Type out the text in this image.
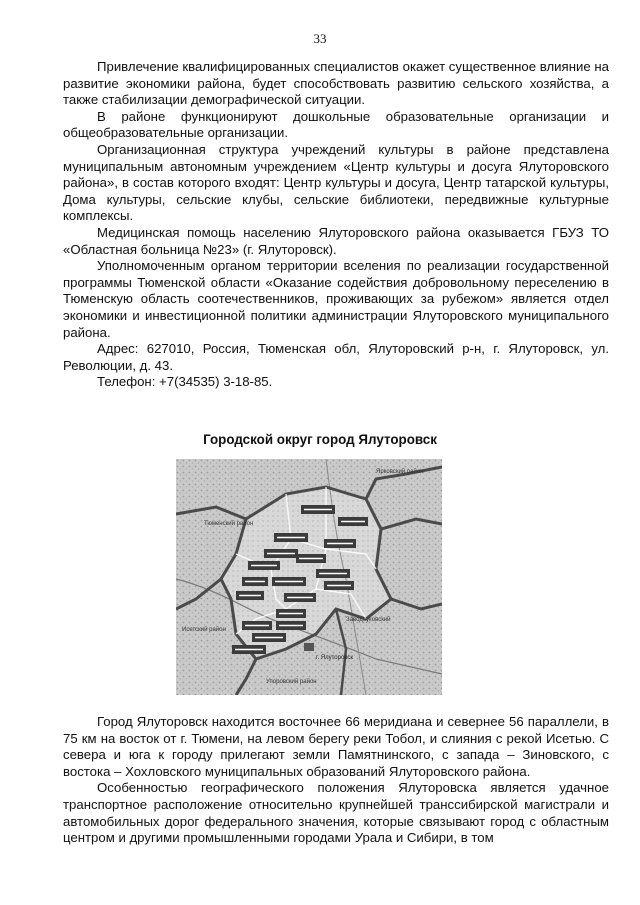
33

Привлечение квалифицированных специалистов окажет существенное влияние на развитие экономики района, будет способствовать развитию сельского хозяйства, а также стабилизации демографической ситуации.

В районе функционируют дошкольные образовательные организации и общеобразовательные организации.

Организационная структура учреждений культуры в районе представлена муниципальным автономным учреждением «Центр культуры и досуга Ялуторовского района», в состав которого входят: Центр культуры и досуга, Центр татарской культуры, Дома культуры, сельские клубы, сельские библиотеки, передвижные культурные комплексы.

Медицинская помощь населению Ялуторовского района оказывается ГБУЗ ТО «Областная больница №23» (г. Ялуторовск).

Уполномоченным органом территории вселения по реализации государственной программы Тюменской области «Оказание содействия добровольному переселению в Тюменскую область соотечественников, проживающих за рубежом» является отдел экономики и инвестиционной политики администрации Ялуторовского муниципального района.

Адрес: 627010, Россия, Тюменская обл, Ялуторовский р-н, г. Ялуторовск, ул. Революции, д. 43.

Телефон: +7(34535) 3-18-85.

Городской округ город Ялуторовск
Ярковский район
Тюменский район
Исетский район
Упоровский район
Заводоуковский
г. Ялуторовск

Город Ялуторовск находится восточнее 66 меридиана и севернее 56 параллели, в 75 км на восток от г. Тюмени, на левом берегу реки Тобол, и слияния с рекой Исетью. С севера и юга к городу прилегают земли Памятнинского, с запада – Зиновского, с востока – Хохловского муниципальных образований Ялуторовского района.

Особенностью географического положения Ялуторовска является удачное транспортное расположение относительно крупнейшей транссибирской магистрали и автомобильных дорог федерального значения, которые связывают город с областным центром и другими промышленными городами Урала и Сибири, в том
